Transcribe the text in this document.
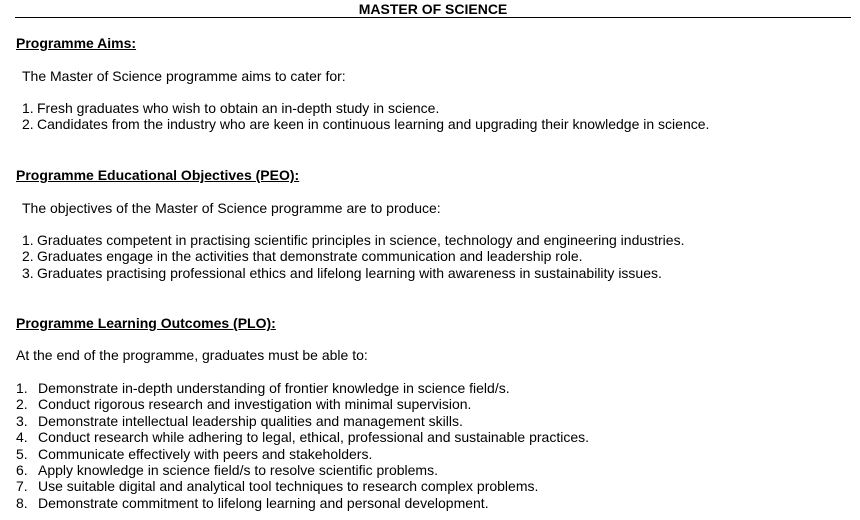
MASTER OF SCIENCE
Programme Aims:
The Master of Science programme aims to cater for:
1. Fresh graduates who wish to obtain an in-depth study in science.
2. Candidates from the industry who are keen in continuous learning and upgrading their knowledge in science.
Programme Educational Objectives (PEO):
The objectives of the Master of Science programme are to produce:
1. Graduates competent in practising scientific principles in science, technology and engineering industries.
2. Graduates engage in the activities that demonstrate communication and leadership role.
3. Graduates practising professional ethics and lifelong learning with awareness in sustainability issues.
Programme Learning Outcomes (PLO):
At the end of the programme, graduates must be able to:
1. Demonstrate in-depth understanding of frontier knowledge in science field/s.
2. Conduct rigorous research and investigation with minimal supervision.
3. Demonstrate intellectual leadership qualities and management skills.
4. Conduct research while adhering to legal, ethical, professional and sustainable practices.
5. Communicate effectively with peers and stakeholders.
6. Apply knowledge in science field/s to resolve scientific problems.
7. Use suitable digital and analytical tool techniques to research complex problems.
8. Demonstrate commitment to lifelong learning and personal development.
